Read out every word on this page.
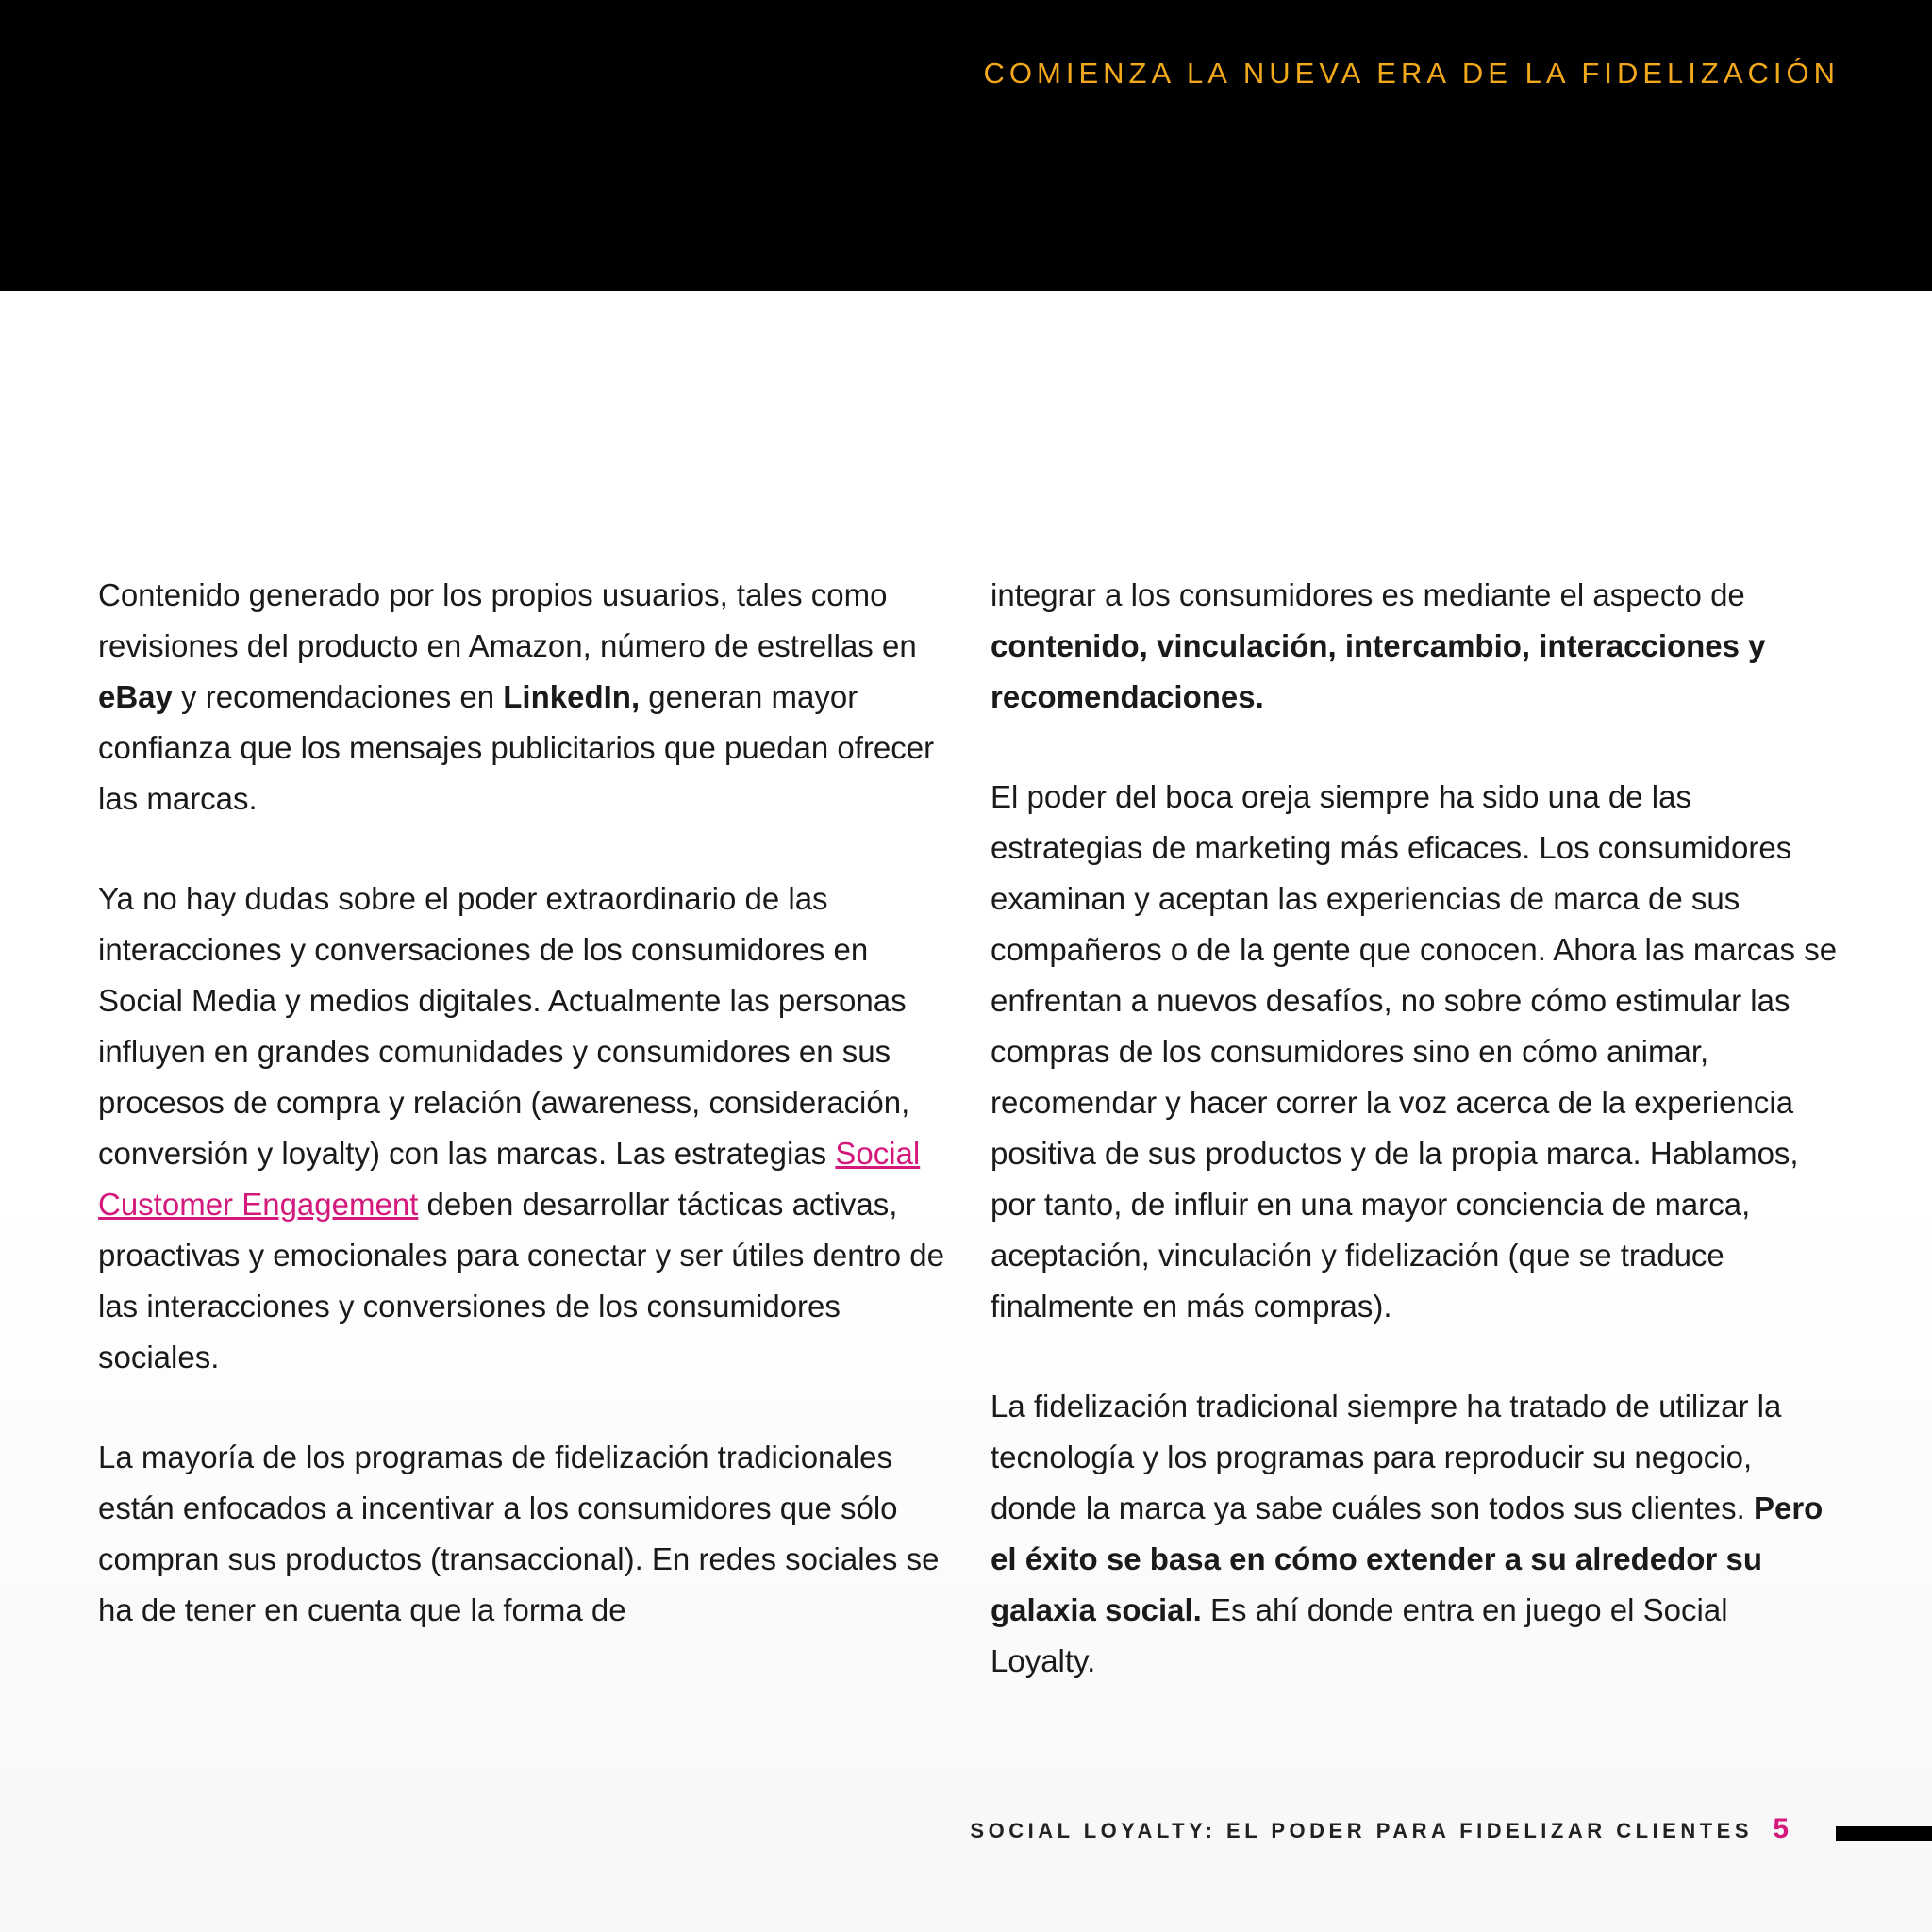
COMIENZA LA NUEVA ERA DE LA FIDELIZACIÓN

Contenido generado por los propios usuarios, tales como revisiones del producto en Amazon, número de estrellas en eBay y recomendaciones en LinkedIn, generan mayor confianza que los mensajes publicitarios que puedan ofrecer las marcas.

Ya no hay dudas sobre el poder extraordinario de las interacciones y conversaciones de los consumidores en Social Media y medios digitales. Actualmente las personas influyen en grandes comunidades y consumidores en sus procesos de compra y relación (awareness, consideración, conversión y loyalty) con las marcas. Las estrategias Social Customer Engagement deben desarrollar tácticas activas, proactivas y emocionales para conectar y ser útiles dentro de las interacciones y conversiones de los consumidores sociales.

La mayoría de los programas de fidelización tradicionales están enfocados a incentivar a los consumidores que sólo compran sus productos (transaccional). En redes sociales se ha de tener en cuenta que la forma de

integrar a los consumidores es mediante el aspecto de contenido, vinculación, intercambio, interacciones y recomendaciones.

El poder del boca oreja siempre ha sido una de las estrategias de marketing más eficaces. Los consumidores examinan y aceptan las experiencias de marca de sus compañeros o de la gente que conocen. Ahora las marcas se enfrentan a nuevos desafíos, no sobre cómo estimular las compras de los consumidores sino en cómo animar, recomendar y hacer correr la voz acerca de la experiencia positiva de sus productos y de la propia marca. Hablamos, por tanto, de influir en una mayor conciencia de marca, aceptación, vinculación y fidelización (que se traduce finalmente en más compras).

La fidelización tradicional siempre ha tratado de utilizar la tecnología y los programas para reproducir su negocio, donde la marca ya sabe cuáles son todos sus clientes. Pero el éxito se basa en cómo extender a su alrededor su galaxia social. Es ahí donde entra en juego el Social Loyalty.

SOCIAL LOYALTY: EL PODER PARA FIDELIZAR CLIENTES 5
